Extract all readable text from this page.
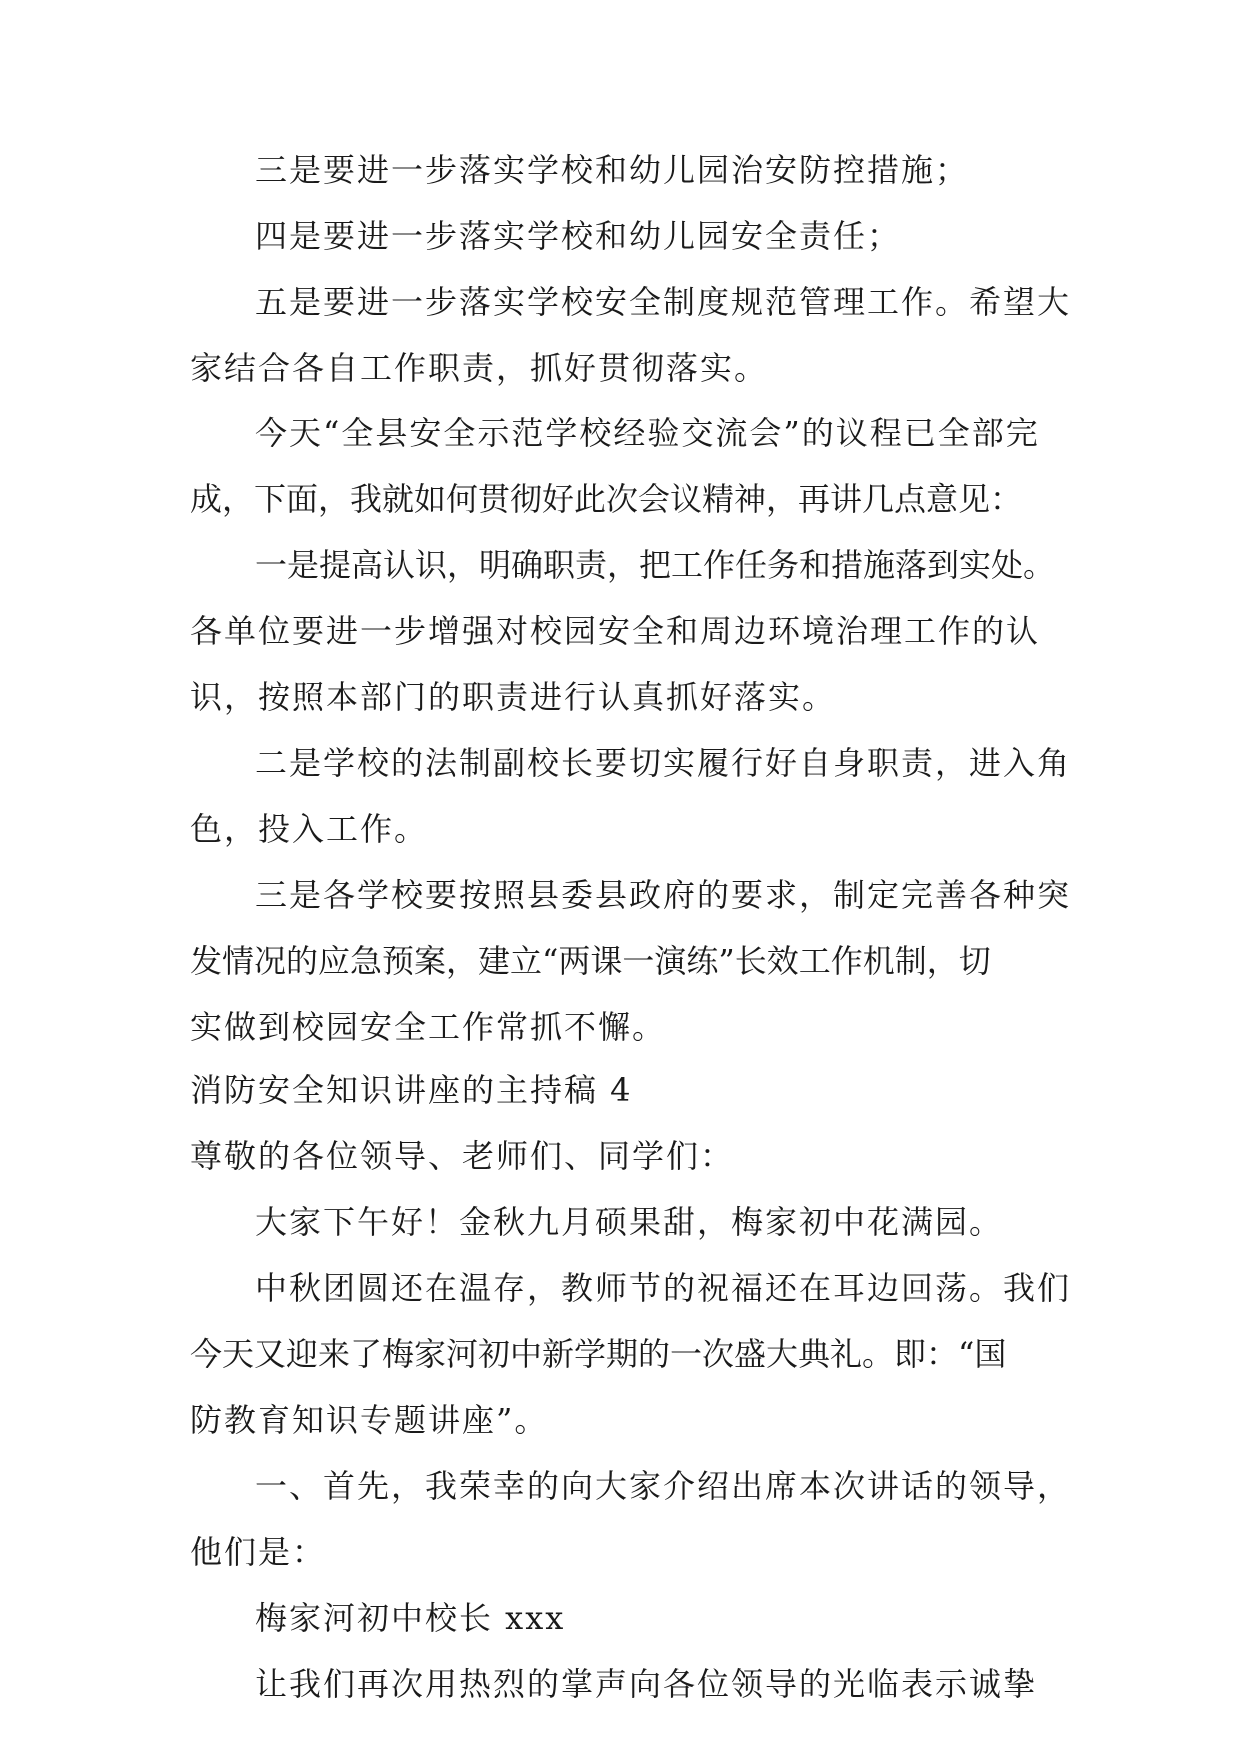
三是要进一步落实学校和幼儿园治安防控措施；
四是要进一步落实学校和幼儿园安全责任；
五是要进一步落实学校安全制度规范管理工作。希望大
家结合各自工作职责，抓好贯彻落实。
今天“全县安全示范学校经验交流会”的议程已全部完
成，下面，我就如何贯彻好此次会议精神，再讲几点意见：
一是提高认识，明确职责，把工作任务和措施落到实处。
各单位要进一步增强对校园安全和周边环境治理工作的认
识，按照本部门的职责进行认真抓好落实。
二是学校的法制副校长要切实履行好自身职责，进入角
色，投入工作。
三是各学校要按照县委县政府的要求，制定完善各种突
发情况的应急预案，建立“两课一演练”长效工作机制，切
实做到校园安全工作常抓不懈。
消防安全知识讲座的主持稿 4
尊敬的各位领导、老师们、同学们：
大家下午好！金秋九月硕果甜，梅家初中花满园。
中秋团圆还在温存，教师节的祝福还在耳边回荡。我们
今天又迎来了梅家河初中新学期的一次盛大典礼。即：“国
防教育知识专题讲座”。
一、首先，我荣幸的向大家介绍出席本次讲话的领导，
他们是：
梅家河初中校长 xxx
让我们再次用热烈的掌声向各位领导的光临表示诚挚
